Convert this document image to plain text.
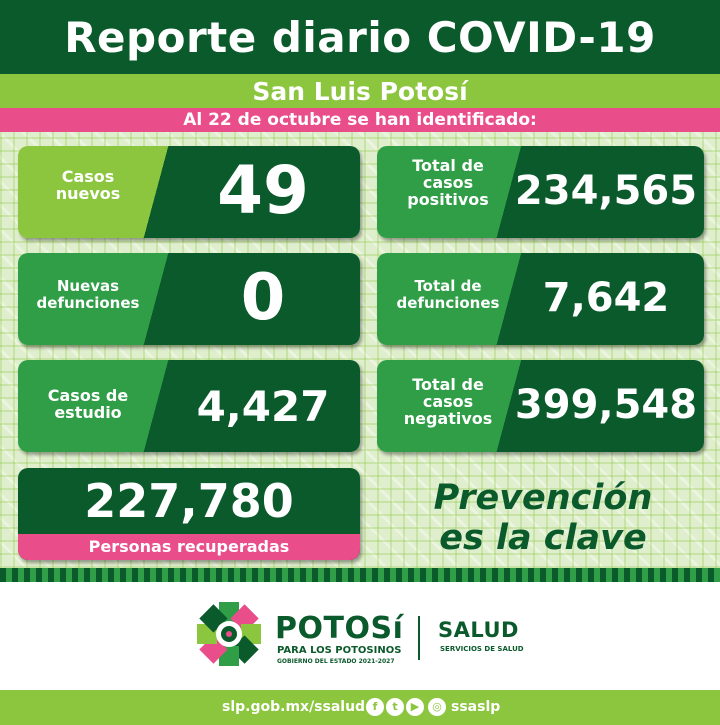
Reporte diario COVID-19
San Luis Potosí
Al 22 de octubre se han identificado:
Casos
nuevos	49	Total de
casos
positivos 234,565
Nuevas
defunciones	0	Total de
defunciones	7,642
Casos de
estudio	4,427	Total de
casos
negativos 399,548
227,780
Personas recuperadas
Prevención
es la clave
POTOSí
PARA LOS POTOSINOS
GOBIERNO DEL ESTADO 2021-2027
SALUD
SERVICIOS DE SALUD
slp.gob.mx/ssalud f	t	▶	◎ ssaslp
